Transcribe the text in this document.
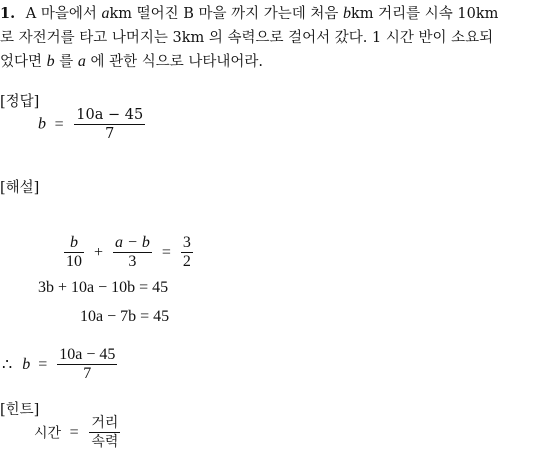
1. A 마을에서 akm 떨어진 B 마을 까지 가는데 처음 bkm 거리를 시속 10km
로 자전거를 타고 나머지는 3km 의 속력으로 걸어서 갔다. 1 시간 반이 소요되
었다면 b 를 a 에 관한 식으로 나타내어라.
[정답]
$b = \frac{10a - 45}{7}$
[해설]
$\frac{b}{10} + \frac{a - b}{3} = \frac{3}{2}$
3b + 10a − 10b = 45
10a − 7b = 45
∴ $b = \frac{10a - 45}{7}$
[힌트]
시간 = $\frac{\text{거리}}{\text{속력}}$
